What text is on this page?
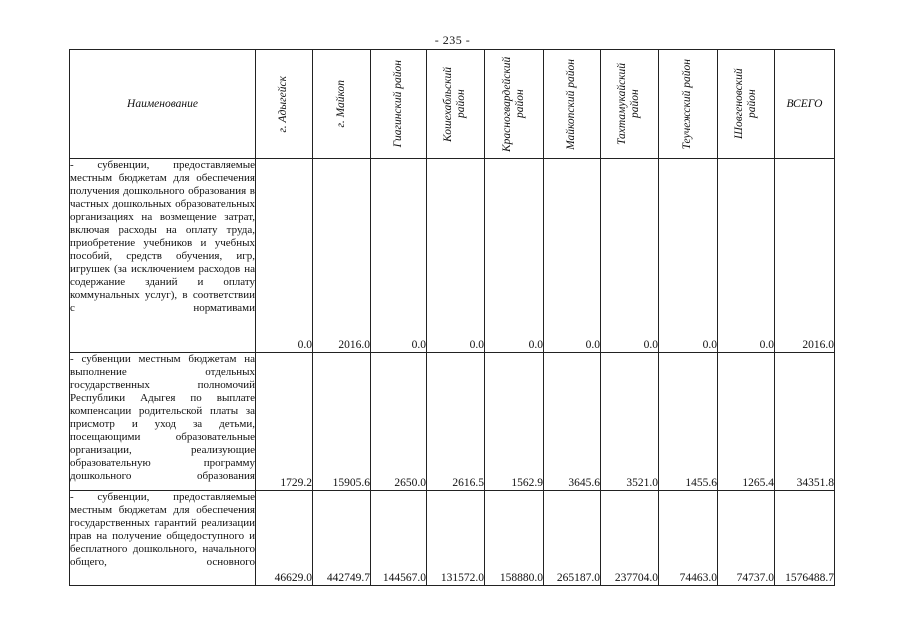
- 235 -
Наименование	г. Адыгейск	г. Майкоп	Гиагинский район	Кошехабльский район	Красногвардейский район	Майкопский район	Тахтамукайский район	Теучежский район	Шовгеновский район	ВСЕГО
- субвенции, предоставляемые местным бюджетам для обеспечения получения дошкольного образования в частных дошкольных образовательных организациях на возмещение затрат, включая расходы на оплату труда, приобретение учебников и учебных пособий, средств обучения, игр, игрушек (за исключением расходов на содержание зданий и оплату коммунальных услуг), в соответствии с нормативами	0.0	2016.0	0.0	0.0	0.0	0.0	0.0	0.0	0.0	2016.0
- субвенции местным бюджетам на выполнение отдельных государственных полномочий Республики Адыгея по выплате компенсации родительской платы за присмотр и уход за детьми, посещающими образовательные организации, реализующие образовательную программу дошкольного образования	1729.2	15905.6	2650.0	2616.5	1562.9	3645.6	3521.0	1455.6	1265.4	34351.8
- субвенции, предоставляемые местным бюджетам для обеспечения государственных гарантий реализации прав на получение общедоступного и бесплатного дошкольного, начального общего, основного	46629.0	442749.7	144567.0	131572.0	158880.0	265187.0	237704.0	74463.0	74737.0	1576488.7
